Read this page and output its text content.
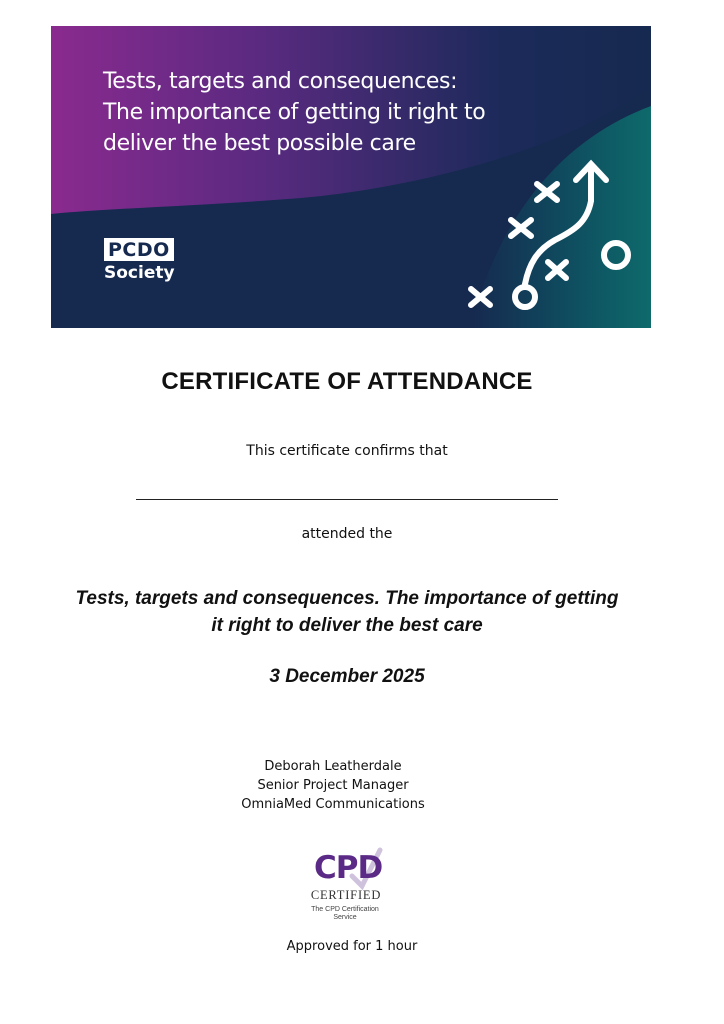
Tests, targets and consequences:
The importance of getting it right to
deliver the best possible care
PCDO
Society
CERTIFICATE OF ATTENDANCE
This certificate confirms that
attended the
Tests, targets and consequences. The importance of getting
it right to deliver the best care
3 December 2025
Deborah Leatherdale
Senior Project Manager
OmniaMed Communications
CPD
CERTIFIED
The CPD Certification
Service
Approved for 1 hour
